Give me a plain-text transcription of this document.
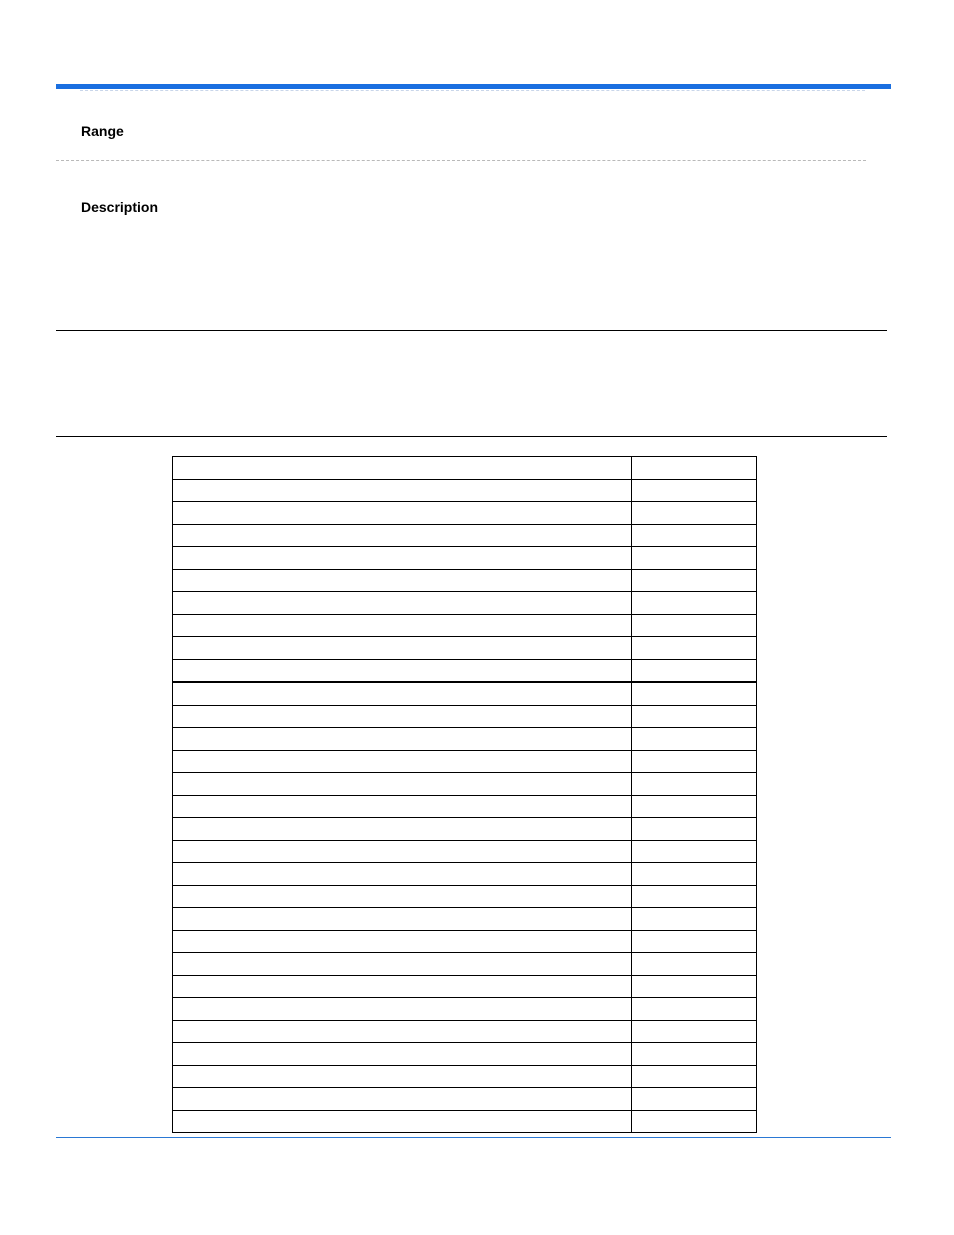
Range
Description
